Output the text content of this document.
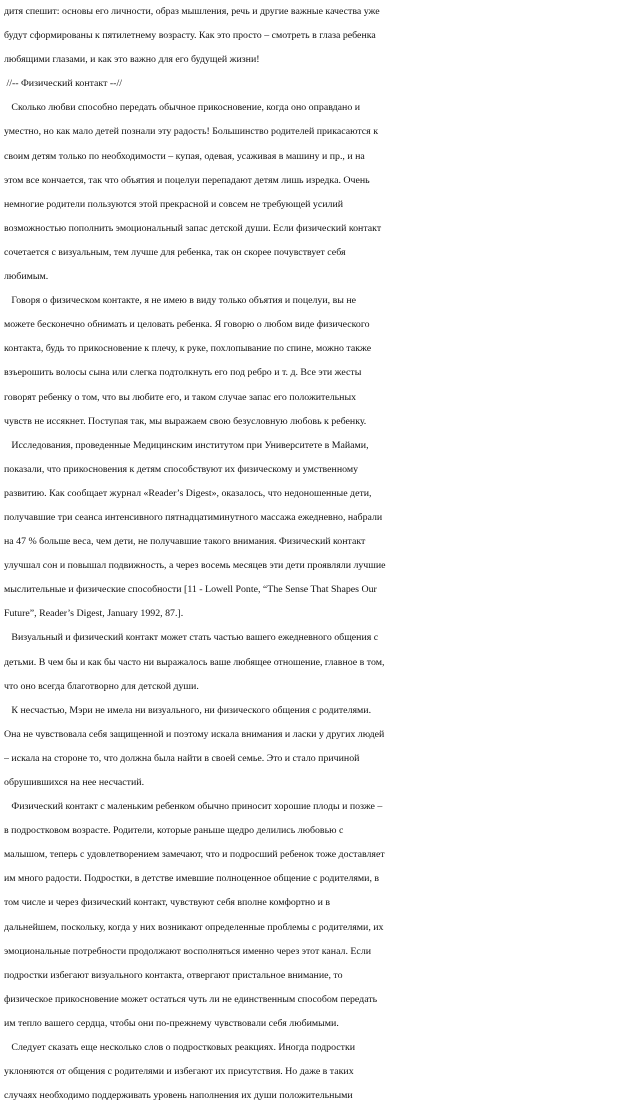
дитя спешит: основы его личности, образ мышления, речь и другие важные качества уже
будут сформированы к пятилетнему возрасту. Как это просто – смотреть в глаза ребенка
любящими глазами, и как это важно для его будущей жизни!
//-- Физический контакт --//
Сколько любви способно передать обычное прикосновение, когда оно оправдано и
уместно, но как мало детей познали эту радость! Большинство родителей прикасаются к
своим детям только по необходимости – купая, одевая, усаживая в машину и пр., и на
этом все кончается, так что объятия и поцелуи перепадают детям лишь изредка. Очень
немногие родители пользуются этой прекрасной и совсем не требующей усилий
возможностью пополнить эмоциональный запас детской души. Если физический контакт
сочетается с визуальным, тем лучше для ребенка, так он скорее почувствует себя
любимым.
Говоря о физическом контакте, я не имею в виду только объятия и поцелуи, вы не
можете бесконечно обнимать и целовать ребенка. Я говорю о любом виде физического
контакта, будь то прикосновение к плечу, к руке, похлопывание по спине, можно также
взъерошить волосы сына или слегка подтолкнуть его под ребро и т. д. Все эти жесты
говорят ребенку о том, что вы любите его, и таком случае запас его положительных
чувств не иссякнет. Поступая так, мы выражаем свою безусловную любовь к ребенку.
Исследования, проведенные Медицинским институтом при Университете в Майами,
показали, что прикосновения к детям способствуют их физическому и умственному
развитию. Как сообщает журнал «Reader’s Digest», оказалось, что недоношенные дети,
получавшие три сеанса интенсивного пятнадцатиминутного массажа ежедневно, набрали
на 47 % больше веса, чем дети, не получавшие такого внимания. Физический контакт
улучшал сон и повышал подвижность, а через восемь месяцев эти дети проявляли лучшие
мыслительные и физические способности [11 - Lowell Ponte, “The Sense That Shapes Our
Future”, Reader’s Digest, January 1992, 87.].
Визуальный и физический контакт может стать частью вашего ежедневного общения с
детьми. В чем бы и как бы часто ни выражалось ваше любящее отношение, главное в том,
что оно всегда благотворно для детской души.
К несчастью, Мэри не имела ни визуального, ни физического общения с родителями.
Она не чувствовала себя защищенной и поэтому искала внимания и ласки у других людей
– искала на стороне то, что должна была найти в своей семье. Это и стало причиной
обрушившихся на нее несчастий.
Физический контакт с маленьким ребенком обычно приносит хорошие плоды и позже –
в подростковом возрасте. Родители, которые раньше щедро делились любовью с
малышом, теперь с удовлетворением замечают, что и подросший ребенок тоже доставляет
им много радости. Подростки, в детстве имевшие полноценное общение с родителями, в
том числе и через физический контакт, чувствуют себя вполне комфортно и в
дальнейшем, поскольку, когда у них возникают определенные проблемы с родителями, их
эмоциональные потребности продолжают восполняться именно через этот канал. Если
подростки избегают визуального контакта, отвергают пристальное внимание, то
физическое прикосновение может остаться чуть ли не единственным способом передать
им тепло вашего сердца, чтобы они по-прежнему чувствовали себя любимыми.
Следует сказать еще несколько слов о подростковых реакциях. Иногда подростки
уклоняются от общения с родителями и избегают их присутствия. Но даже в таких
случаях необходимо поддерживать уровень наполнения их души положительными
